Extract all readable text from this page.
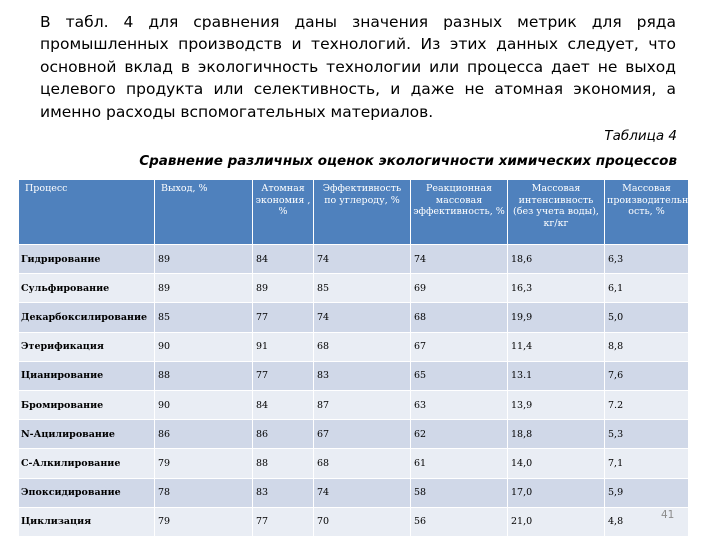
В табл. 4 для сравнения даны значения разных метрик для ряда промышленных производств и технологий. Из этих данных следует, что основной вклад в экологичность технологии или процесса дает не выход целевого продукта или селективность, и даже не атомная экономия, а именно расходы вспомогательных материалов.

Таблица 4

Сравнение различных оценок экологичности химических процессов

Процесс	Выход, %	Атомная экономия , %	Эффективность по углероду, %	Реакционная массовая эффективность, %	Массовая интенсивность (без учета воды), кг/кг	Массовая производительн ость, %
Гидрирование	89	84	74	74	18,6	6,3
Сульфирование	89	89	85	69	16,3	6,1
Декарбоксилирование	85	77	74	68	19,9	5,0
Этерификация	90	91	68	67	11,4	8,8
Цианирование	88	77	83	65	13.1	7,6
Бромирование	90	84	87	63	13,9	7.2
N-Ацилирование	86	86	67	62	18,8	5,3
С-Алкилирование	79	88	68	61	14,0	7,1
Эпоксидирование	78	83	74	58	17,0	5,9
Циклизация	79	77	70	56	21,0	4,8

41
